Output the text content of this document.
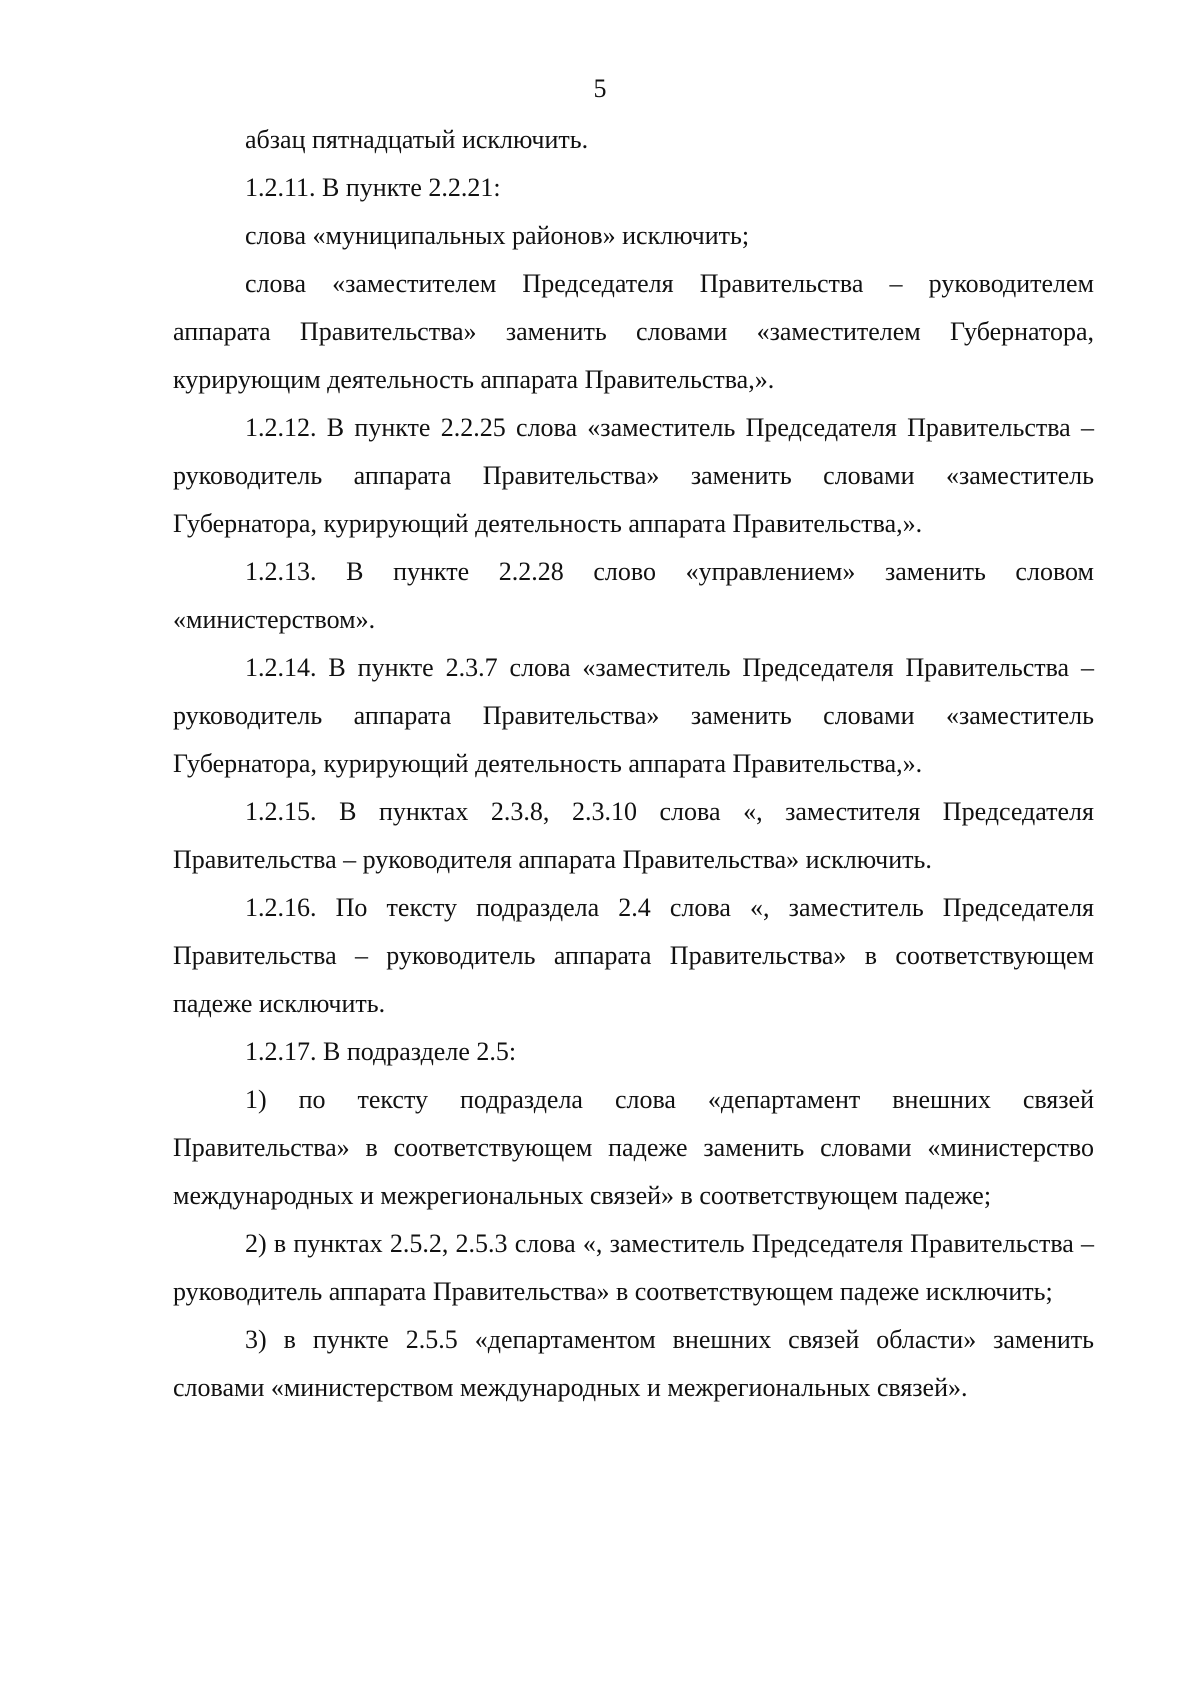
5

абзац пятнадцатый исключить.

1.2.11. В пункте 2.2.21:

слова «муниципальных районов» исключить;

слова «заместителем Председателя Правительства – руководителем аппарата Правительства» заменить словами «заместителем Губернатора, курирующим деятельность аппарата Правительства,».

1.2.12. В пункте 2.2.25 слова «заместитель Председателя Правительства – руководитель аппарата Правительства» заменить словами «заместитель Губернатора, курирующий деятельность аппарата Правительства,».

1.2.13. В пункте 2.2.28 слово «управлением» заменить словом «министерством».

1.2.14. В пункте 2.3.7 слова «заместитель Председателя Правительства – руководитель аппарата Правительства» заменить словами «заместитель Губернатора, курирующий деятельность аппарата Правительства,».

1.2.15. В пунктах 2.3.8, 2.3.10 слова «, заместителя Председателя Правительства – руководителя аппарата Правительства» исключить.

1.2.16. По тексту подраздела 2.4 слова «, заместитель Председателя Правительства – руководитель аппарата Правительства» в соответствующем падеже исключить.

1.2.17. В подразделе 2.5:

1) по тексту подраздела слова «департамент внешних связей Правительства» в соответствующем падеже заменить словами «министерство международных и межрегиональных связей» в соответствующем падеже;

2) в пунктах 2.5.2, 2.5.3 слова «, заместитель Председателя Правительства – руководитель аппарата Правительства» в соответствующем падеже исключить;

3) в пункте 2.5.5 «департаментом внешних связей области» заменить словами «министерством международных и межрегиональных связей».
